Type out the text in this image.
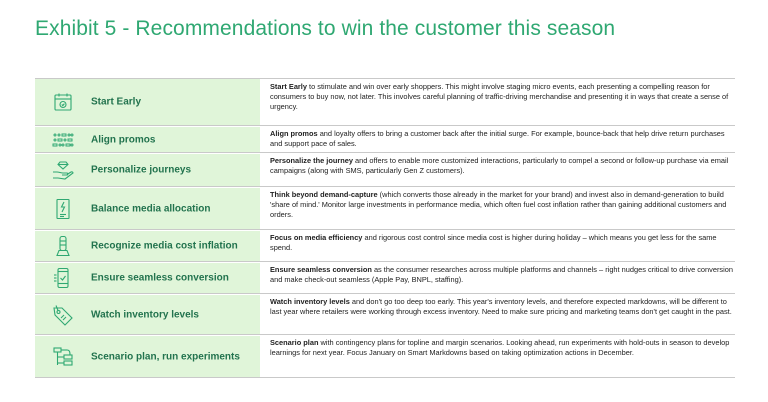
Exhibit 5 - Recommendations to win the customer this season
Start Early
Start Early to stimulate and win over early shoppers. This might involve staging micro events, each presenting a compelling reason for consumers to buy now, not later. This involves careful planning of traffic-driving merchandise and presenting it in ways that create a sense of urgency.
Align promos
Align promos and loyalty offers to bring a customer back after the initial surge. For example, bounce-back that help drive return purchases and support pace of sales.
Personalize journeys
Personalize the journey and offers to enable more customized interactions, particularly to compel a second or follow-up purchase via email campaigns (along with SMS, particularly Gen Z customers).
Balance media allocation
Think beyond demand-capture (which converts those already in the market for your brand) and invest also in demand-generation to build 'share of mind.' Monitor large investments in performance media, which often fuel cost inflation rather than gaining additional customers and orders.
Recognize media cost inflation
Focus on media efficiency and rigorous cost control since media cost is higher during holiday – which means you get less for the same spend.
Ensure seamless conversion
Ensure seamless conversion as the consumer researches across multiple platforms and channels – right nudges critical to drive conversion and make check-out seamless (Apple Pay, BNPL, staffing).
Watch inventory levels
Watch inventory levels and don't go too deep too early. This year's inventory levels, and therefore expected markdowns, will be different to last year where retailers were working through excess inventory. Need to make sure pricing and marketing teams don't get caught in the past.
Scenario plan, run experiments
Scenario plan with contingency plans for topline and margin scenarios. Looking ahead, run experiments with hold-outs in season to develop learnings for next year. Focus January on Smart Markdowns based on taking optimization actions in December.
